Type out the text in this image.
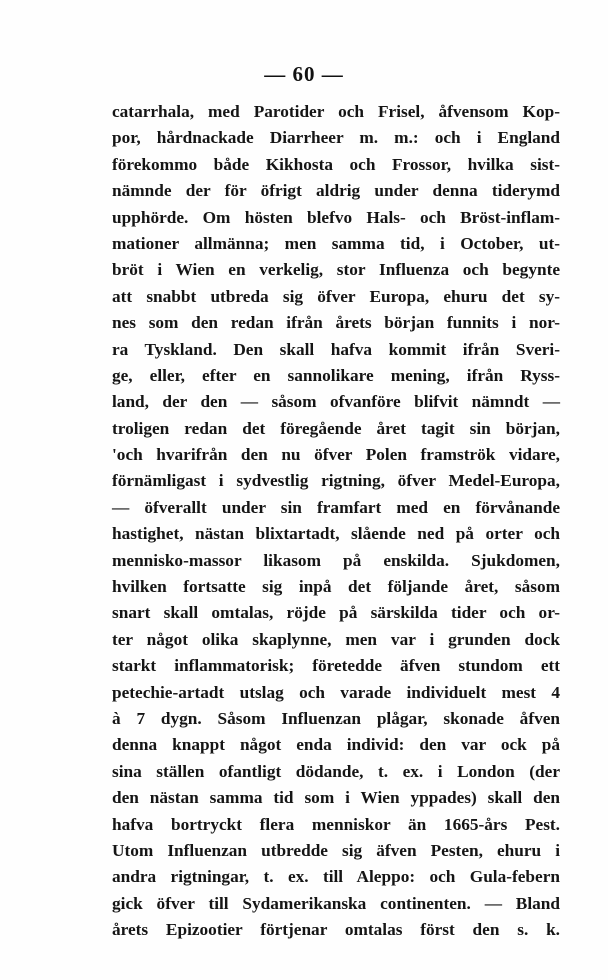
— 60 —
catarrhala, med Parotider och Frisel, åfvensom Kop-
por, hårdnackade Diarrheer m. m.: och i England
förekommo både Kikhosta och Frossor, hvilka sist-
nämnde der för öfrigt aldrig under denna tiderymd
upphörde. Om hösten blefvo Hals- och Bröst-inflam-
mationer allmänna; men samma tid, i October, ut-
bröt i Wien en verkelig, stor Influenza och begynte
att snabbt utbreda sig öfver Europa, ehuru det sy-
nes som den redan ifrån årets början funnits i nor-
ra Tyskland. Den skall hafva kommit ifrån Sveri-
ge, eller, efter en sannolikare mening, ifrån Ryss-
land, der den — såsom ofvanföre blifvit nämndt —
troligen redan det föregående året tagit sin början,
'och hvarifrån den nu öfver Polen framströk vidare,
förnämligast i sydvestlig rigtning, öfver Medel-Europa,
— öfverallt under sin framfart med en förvånande
hastighet, nästan blixtartadt, slående ned på orter och
mennisko-massor likasom på enskilda. Sjukdomen,
hvilken fortsatte sig inpå det följande året, såsom
snart skall omtalas, röjde på särskilda tider och or-
ter något olika skaplynne, men var i grunden dock
starkt inflammatorisk; företedde äfven stundom ett
petechie-artadt utslag och varade individuelt mest 4
à 7 dygn. Såsom Influenzan plågar, skonade åfven
denna knappt något enda individ: den var ock på
sina ställen ofantligt dödande, t. ex. i London (der
den nästan samma tid som i Wien yppades) skall den
hafva bortryckt flera menniskor än 1665-års Pest.
Utom Influenzan utbredde sig äfven Pesten, ehuru i
andra rigtningar, t. ex. till Aleppo: och Gula-febern
gick öfver till Sydamerikanska continenten. — Bland
årets Epizootier förtjenar omtalas först den s. k.
